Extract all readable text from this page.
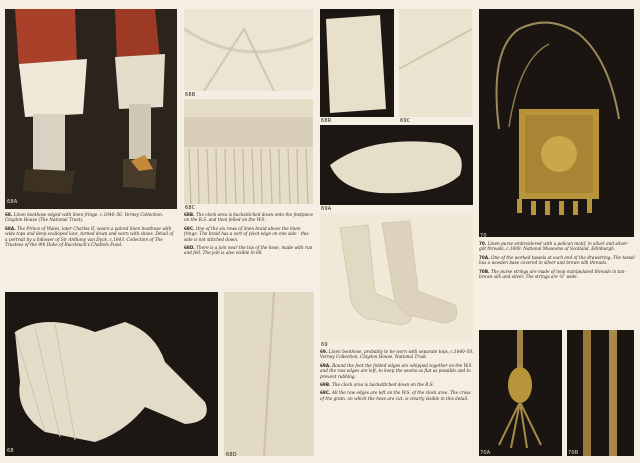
68A
68B
68C

68B. The clock area is backstitched down onto the footpiece on the R.S. and then felled on the W.S.

68C. One of the six rows of linen braid above the linen fringe. The braid has a sort of picot edge on one side - this side is not stitched down.

68D. There is a join near the top of the hose, made with run and fell. The join is also visible in 68.

68. Linen boothose edged with linen fringe, c.1640–50. Verney Collection, Claydon House (The National Trust).

68A. The Prince of Wales, later Charles II, wears a paired linen boothose with wide tops and deep scalloped lace, turned down and worn with shoes. Detail of a portrait by a follower of Sir Anthony van Dyck, c.1643. Collection of The Trustees of the 9th Duke of Buccleuch's Chattels Fund.

68
68D
68R	69C
69A
69

69. Linen boothose, probably to be worn with separate tops, c.1640–50. Verney Collection, Claydon House, National Trust.

69A. Round the foot the folded edges are whipped together on the W.S. and the raw edges are left, to keep the seams as flat as possible and to prevent rubbing.

69B. The clock area is backstitched down on the R.S.

69C. All the raw edges are left on the W.S. of the clock area. The cross of the grain, on which the hose are cut, is clearly visible in this detail.

70

70. Linen purse embroidered with a pelican motif, in silver and silver-gilt threads, c.1600. National Museums of Scotland, Edinburgh.

70A. One of the worked tassels at each end of the drawstring. The tassel has a wooden base covered in silver and brown silk threads.

70B. The purse strings are made of loop manipulated threads in tan-brown silk and silver. The strings are ¼" wide.

70A	70B
